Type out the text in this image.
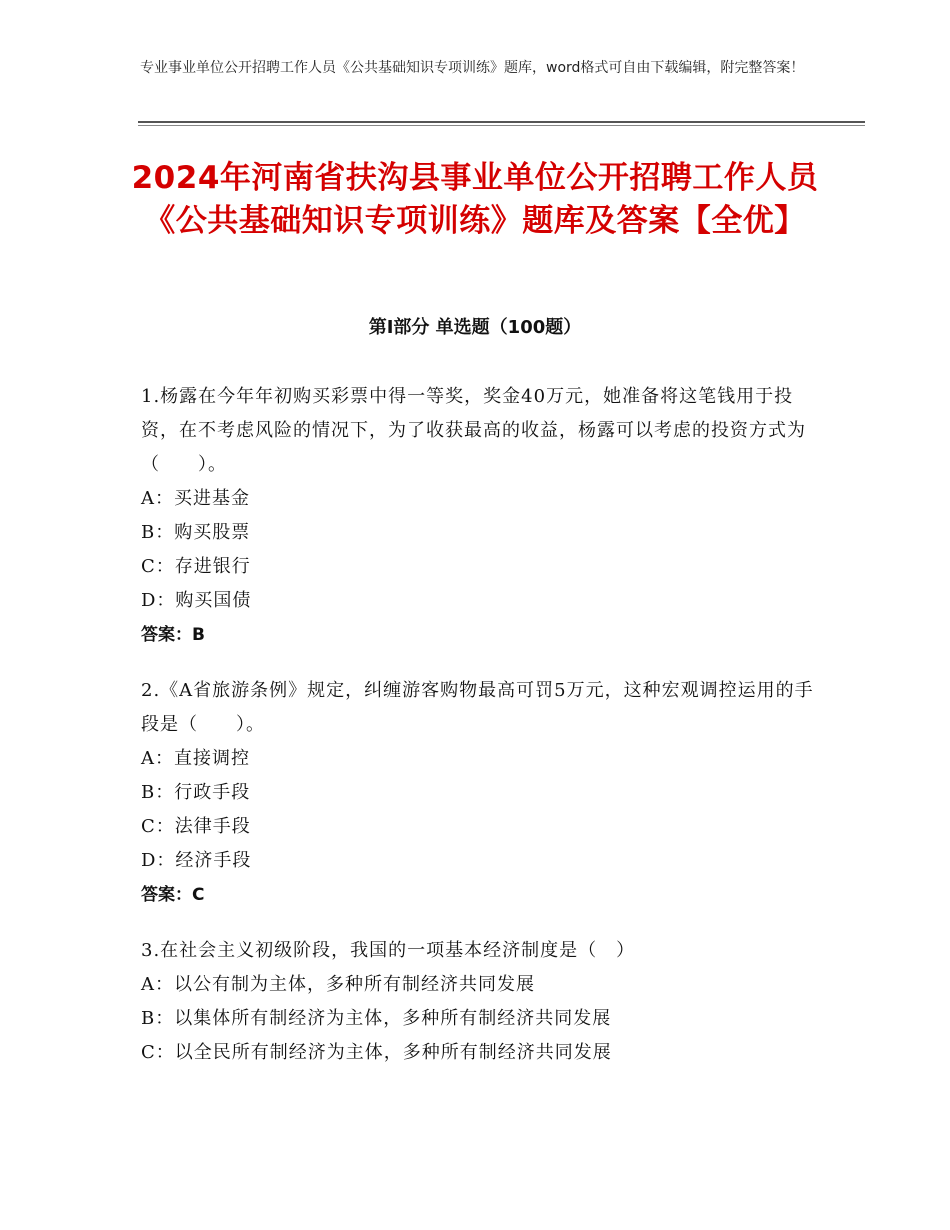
专业事业单位公开招聘工作人员《公共基础知识专项训练》题库，word格式可自由下载编辑，附完整答案！
2024年河南省扶沟县事业单位公开招聘工作人员《公共基础知识专项训练》题库及答案【全优】
第Ⅰ部分 单选题（100题）
1.杨露在今年年初购买彩票中得一等奖，奖金40万元，她准备将这笔钱用于投资，在不考虑风险的情况下，为了收获最高的收益，杨露可以考虑的投资方式为（　　）。
A：买进基金
B：购买股票
C：存进银行
D：购买国债
答案：B
2.《A省旅游条例》规定，纠缠游客购物最高可罚5万元，这种宏观调控运用的手段是（　　）。
A：直接调控
B：行政手段
C：法律手段
D：经济手段
答案：C
3.在社会主义初级阶段，我国的一项基本经济制度是（　）
A：以公有制为主体，多种所有制经济共同发展
B：以集体所有制经济为主体，多种所有制经济共同发展
C：以全民所有制经济为主体，多种所有制经济共同发展
